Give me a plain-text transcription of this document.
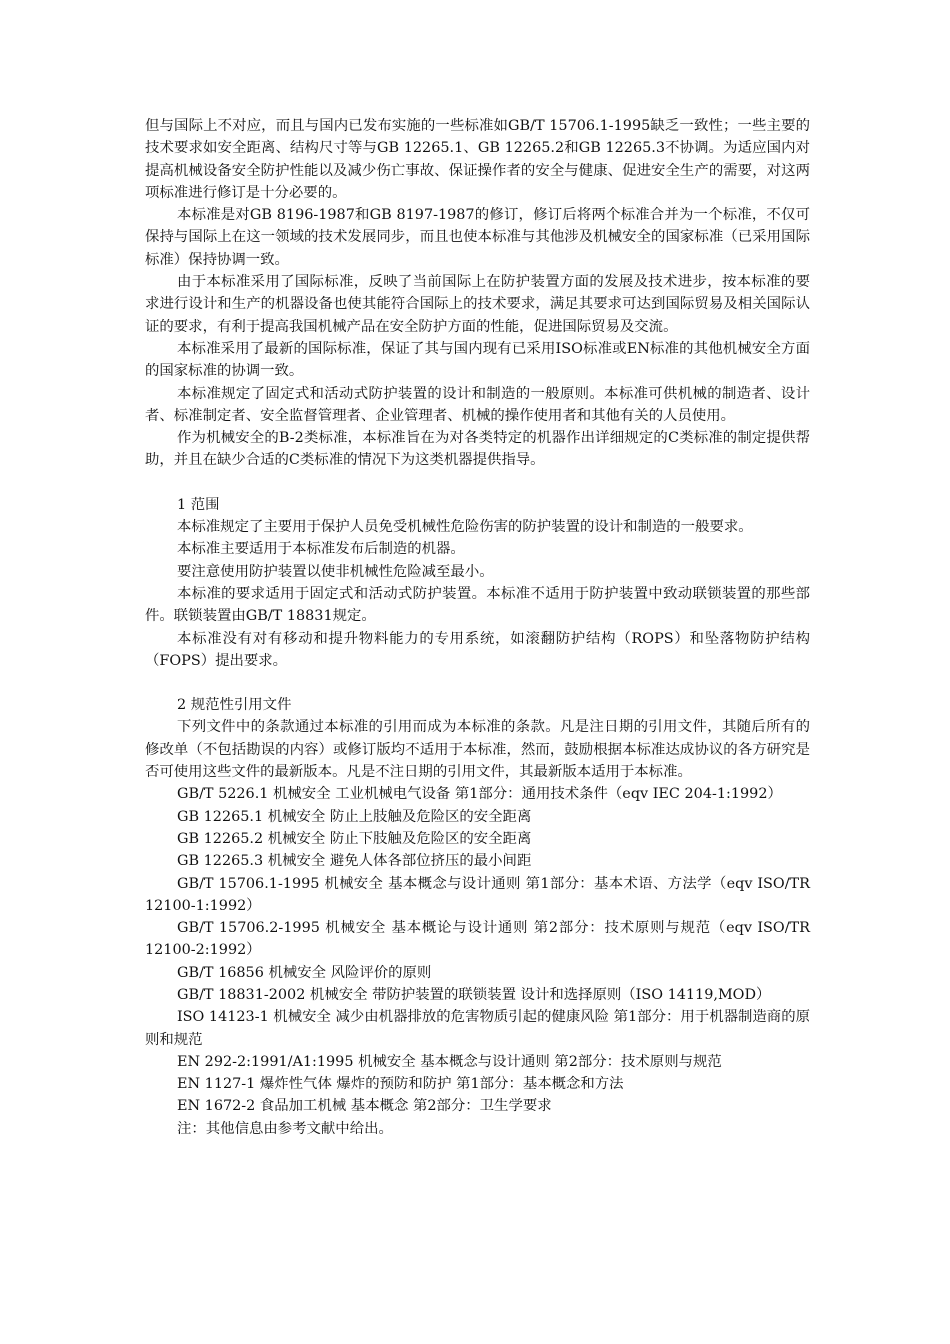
但与国际上不对应，而且与国内已发布实施的一些标准如GB/T 15706.1-1995缺乏一致性；一些主要的技术要求如安全距离、结构尺寸等与GB 12265.1、GB 12265.2和GB 12265.3不协调。为适应国内对提高机械设备安全防护性能以及减少伤亡事故、保证操作者的安全与健康、促进安全生产的需要，对这两项标准进行修订是十分必要的。

本标准是对GB 8196-1987和GB 8197-1987的修订，修订后将两个标准合并为一个标准，不仅可保持与国际上在这一领域的技术发展同步，而且也使本标准与其他涉及机械安全的国家标准（已采用国际标准）保持协调一致。

由于本标准采用了国际标准，反映了当前国际上在防护装置方面的发展及技术进步，按本标准的要求进行设计和生产的机器设备也使其能符合国际上的技术要求，满足其要求可达到国际贸易及相关国际认证的要求，有利于提高我国机械产品在安全防护方面的性能，促进国际贸易及交流。

本标准采用了最新的国际标准，保证了其与国内现有已采用ISO标准或EN标准的其他机械安全方面的国家标准的协调一致。

本标准规定了固定式和活动式防护装置的设计和制造的一般原则。本标准可供机械的制造者、设计者、标准制定者、安全监督管理者、企业管理者、机械的操作使用者和其他有关的人员使用。

作为机械安全的B-2类标准，本标准旨在为对各类特定的机器作出详细规定的C类标准的制定提供帮助，并且在缺少合适的C类标准的情况下为这类机器提供指导。

1 范围

本标准规定了主要用于保护人员免受机械性危险伤害的防护装置的设计和制造的一般要求。

本标准主要适用于本标准发布后制造的机器。

要注意使用防护装置以使非机械性危险减至最小。

本标准的要求适用于固定式和活动式防护装置。本标准不适用于防护装置中致动联锁装置的那些部件。联锁装置由GB/T 18831规定。

本标准没有对有移动和提升物料能力的专用系统，如滚翻防护结构（ROPS）和坠落物防护结构（FOPS）提出要求。

2 规范性引用文件

下列文件中的条款通过本标准的引用而成为本标准的条款。凡是注日期的引用文件，其随后所有的修改单（不包括勘误的内容）或修订版均不适用于本标准，然而，鼓励根据本标准达成协议的各方研究是否可使用这些文件的最新版本。凡是不注日期的引用文件，其最新版本适用于本标准。

GB/T 5226.1 机械安全 工业机械电气设备 第1部分：通用技术条件（eqv IEC 204-1:1992）

GB 12265.1 机械安全 防止上肢触及危险区的安全距离

GB 12265.2 机械安全 防止下肢触及危险区的安全距离

GB 12265.3 机械安全 避免人体各部位挤压的最小间距

GB/T 15706.1-1995 机械安全 基本概念与设计通则 第1部分：基本术语、方法学（eqv ISO/TR 12100-1:1992）

GB/T 15706.2-1995 机械安全 基本概论与设计通则 第2部分：技术原则与规范（eqv ISO/TR 12100-2:1992）

GB/T 16856 机械安全 风险评价的原则

GB/T 18831-2002 机械安全 带防护装置的联锁装置 设计和选择原则（ISO 14119,MOD）

ISO 14123-1 机械安全 减少由机器排放的危害物质引起的健康风险 第1部分：用于机器制造商的原则和规范

EN 292-2:1991/A1:1995 机械安全 基本概念与设计通则 第2部分：技术原则与规范

EN 1127-1 爆炸性气体 爆炸的预防和防护 第1部分：基本概念和方法

EN 1672-2 食品加工机械 基本概念 第2部分：卫生学要求

注：其他信息由参考文献中给出。
